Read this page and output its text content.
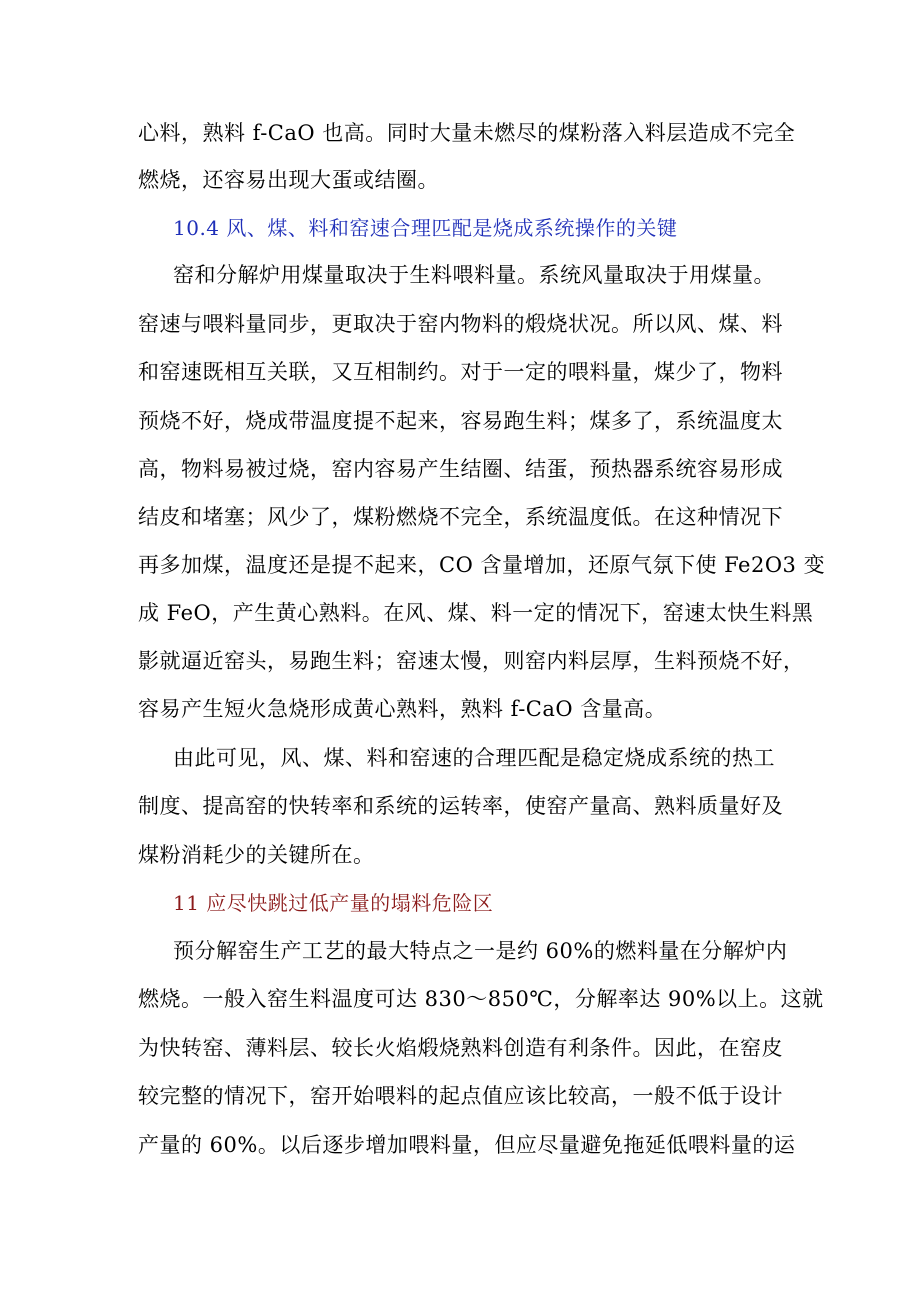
心料，熟料 f-CaO 也高。同时大量未燃尽的煤粉落入料层造成不完全
燃烧，还容易出现大蛋或结圈。
10.4 风、煤、料和窑速合理匹配是烧成系统操作的关键
窑和分解炉用煤量取决于生料喂料量。系统风量取决于用煤量。
窑速与喂料量同步，更取决于窑内物料的煅烧状况。所以风、煤、料
和窑速既相互关联，又互相制约。对于一定的喂料量，煤少了，物料
预烧不好，烧成带温度提不起来，容易跑生料；煤多了，系统温度太
高，物料易被过烧，窑内容易产生结圈、结蛋，预热器系统容易形成
结皮和堵塞；风少了，煤粉燃烧不完全，系统温度低。在这种情况下
再多加煤，温度还是提不起来，CO 含量增加，还原气氛下使 Fe2O3 变
成 FeO，产生黄心熟料。在风、煤、料一定的情况下，窑速太快生料黑
影就逼近窑头，易跑生料；窑速太慢，则窑内料层厚，生料预烧不好，
容易产生短火急烧形成黄心熟料，熟料 f-CaO 含量高。
由此可见，风、煤、料和窑速的合理匹配是稳定烧成系统的热工
制度、提高窑的快转率和系统的运转率，使窑产量高、熟料质量好及
煤粉消耗少的关键所在。
11 应尽快跳过低产量的塌料危险区
预分解窑生产工艺的最大特点之一是约 60%的燃料量在分解炉内
燃烧。一般入窑生料温度可达 830～850℃，分解率达 90%以上。这就
为快转窑、薄料层、较长火焰煅烧熟料创造有利条件。因此，在窑皮
较完整的情况下，窑开始喂料的起点值应该比较高，一般不低于设计
产量的 60%。以后逐步增加喂料量，但应尽量避免拖延低喂料量的运
